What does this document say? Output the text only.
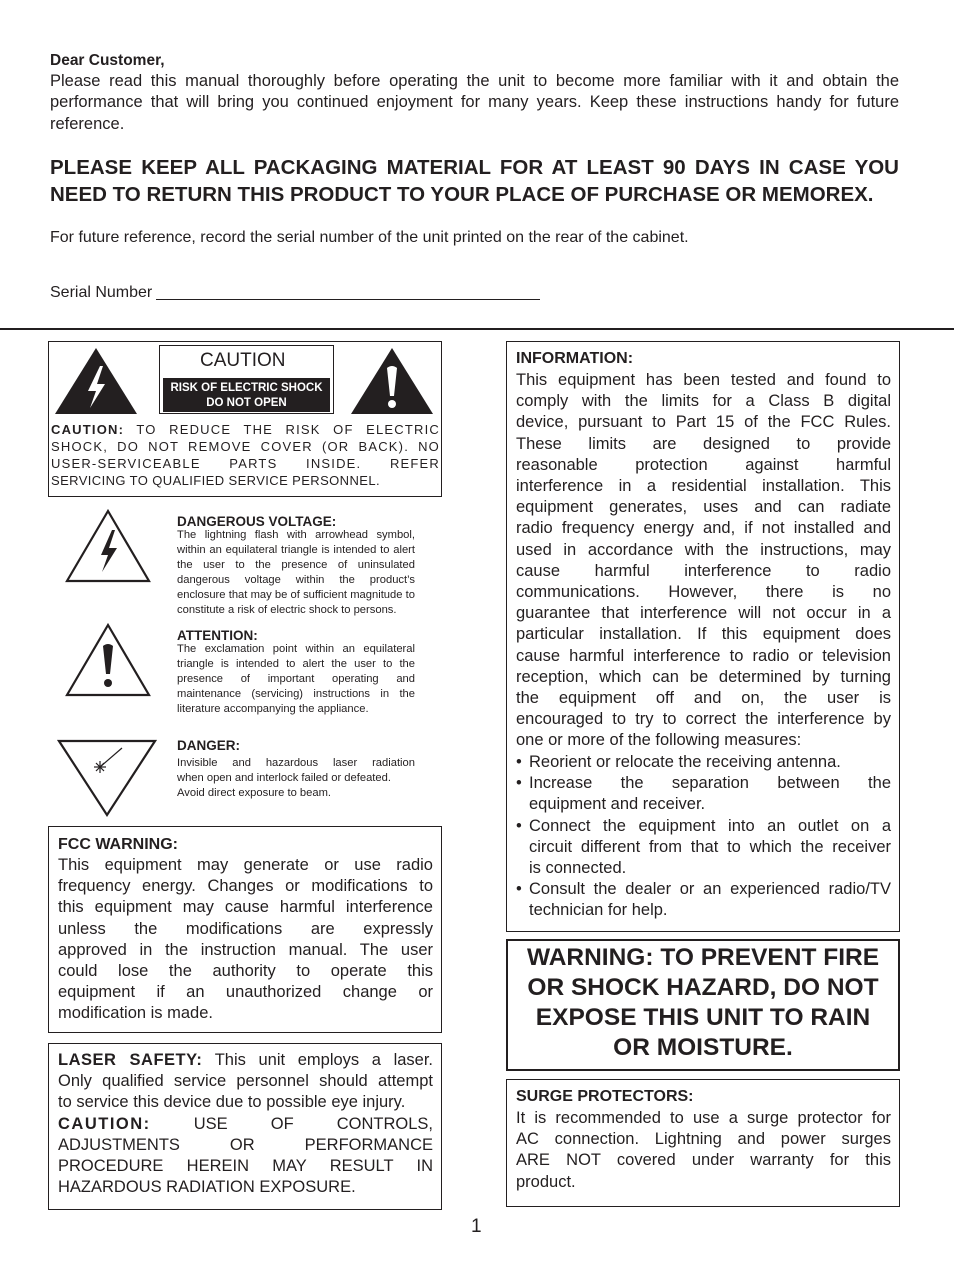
Dear Customer,
Please read this manual thoroughly before operating the unit to become more familiar with it and obtain the performance that will bring you continued enjoyment for many years. Keep these instructions handy for future reference.
PLEASE KEEP ALL PACKAGING MATERIAL FOR AT LEAST 90 DAYS IN CASE YOU NEED TO RETURN THIS PRODUCT TO YOUR PLACE OF PURCHASE OR MEMOREX.
For future reference, record the serial number of the unit printed on the rear of the cabinet.
Serial Number
CAUTION
RISK OF ELECTRIC SHOCK
DO NOT OPEN
CAUTION: TO REDUCE THE RISK OF ELECTRIC
SHOCK, DO NOT REMOVE COVER (OR BACK). NO
USER-SERVICEABLE PARTS INSIDE. REFER
SERVICING TO QUALIFIED SERVICE PERSONNEL.
DANGEROUS VOLTAGE:
The lightning flash with arrowhead symbol,
within an equilateral triangle is intended to alert
the user to the presence of uninsulated
dangerous voltage within the product’s
enclosure that may be of sufficient magnitude to
constitute a risk of electric shock to persons.
ATTENTION:
The exclamation point within an equilateral
triangle is intended to alert the user to the
presence of important operating and
maintenance (servicing) instructions in the
literature accompanying the appliance.
DANGER:
Invisible and hazardous laser radiation
when open and interlock failed or defeated.
Avoid direct exposure to beam.
FCC WARNING:
This equipment may generate or use radio
frequency energy. Changes or modifications to
this equipment may cause harmful interference
unless the modifications are expressly
approved in the instruction manual. The user
could lose the authority to operate this
equipment if an unauthorized change or
modification is made.
LASER SAFETY: This unit employs a laser.
Only qualified service personnel should attempt
to service this device due to possible eye injury.
CAUTION: USE OF CONTROLS,
ADJUSTMENTS OR PERFORMANCE
PROCEDURE HEREIN MAY RESULT IN
HAZARDOUS RADIATION EXPOSURE.
INFORMATION:
This equipment has been tested and found to
comply with the limits for a Class B digital
device, pursuant to Part 15 of the FCC Rules.
These limits are designed to provide
reasonable protection against harmful
interference in a residential installation. This
equipment generates, uses and can radiate
radio frequency energy and, if not installed and
used in accordance with the instructions, may
cause harmful interference to radio
communications. However, there is no
guarantee that interference will not occur in a
particular installation. If this equipment does
cause harmful interference to radio or television
reception, which can be determined by turning
the equipment off and on, the user is
encouraged to try to correct the interference by
one or more of the following measures:
• Reorient or relocate the receiving antenna.
• Increase the separation between the
equipment and receiver.
• Connect the equipment into an outlet on a
circuit different from that to which the receiver
is connected.
• Consult the dealer or an experienced radio/TV
technician for help.
WARNING: TO PREVENT FIRE
OR SHOCK HAZARD, DO NOT
EXPOSE THIS UNIT TO RAIN
OR MOISTURE.
SURGE PROTECTORS:
It is recommended to use a surge protector for
AC connection. Lightning and power surges
ARE NOT covered under warranty for this
product.
1
